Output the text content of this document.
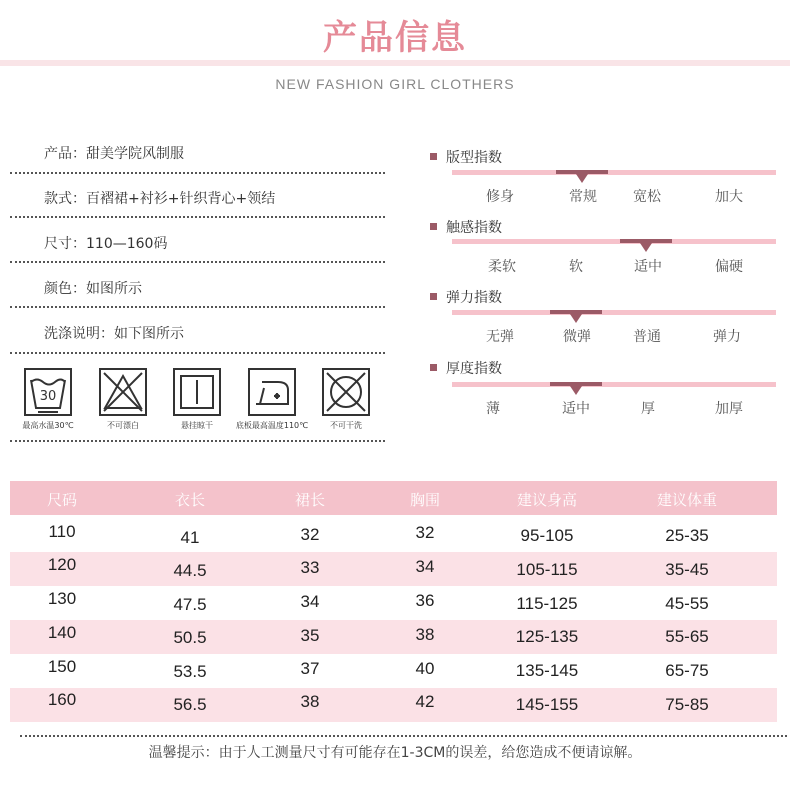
产品信息
NEW FASHION GIRL CLOTHERS
产品：甜美学院风制服
款式：百褶裙+衬衫+针织背心+领结
尺寸：110—160码
颜色：如图所示
洗涤说明：如下图所示
30
最高水温30℃	不可漂白	悬挂晾干	底板最高温度110℃	不可干洗
版型指数
修身	常规	宽松	加大
触感指数
柔软	软	适中	偏硬
弹力指数
无弹	微弹	普通	弹力
厚度指数
薄	适中	厚	加厚
尺码	衣长	裙长	胸围	建议身高	建议体重
110	41	32	32	95-105	25-35
120	44.5	33	34	105-115	35-45
130	47.5	34	36	115-125	45-55
140	50.5	35	38	125-135	55-65
150	53.5	37	40	135-145	65-75
160	56.5	38	42	145-155	75-85
温馨提示：由于人工测量尺寸有可能存在1-3CM的误差，给您造成不便请谅解。
